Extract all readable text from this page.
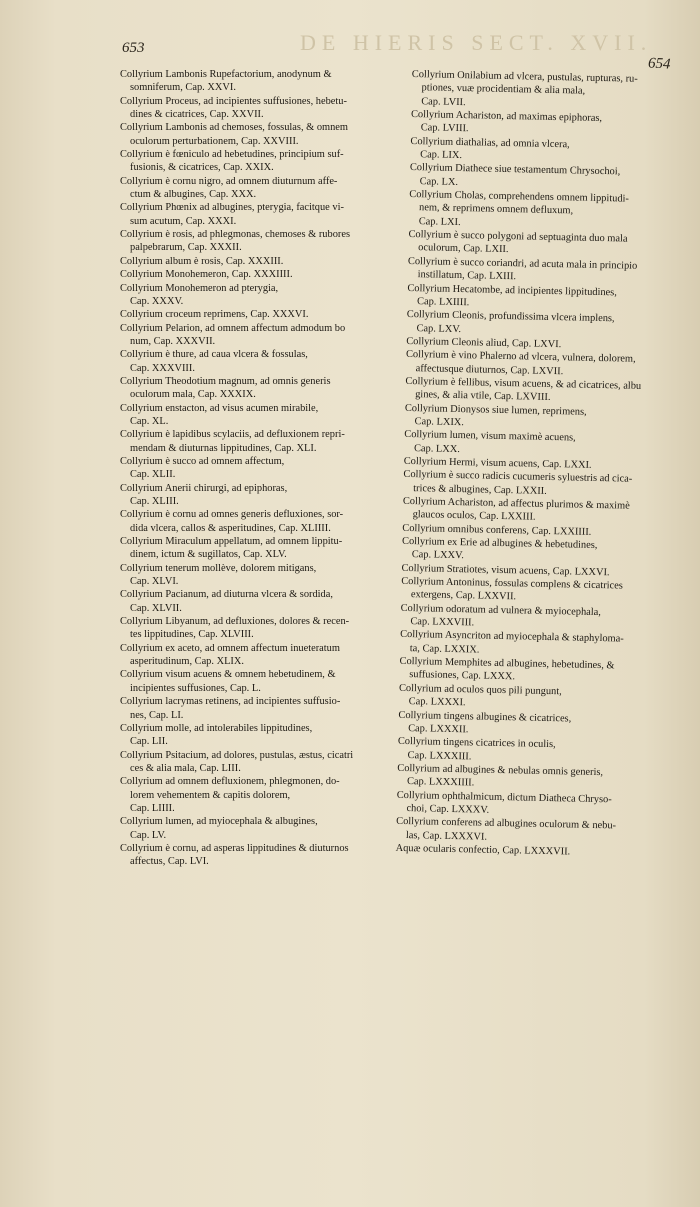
DE HIERIS SECT. XVII.
653
654
Collyrium Lambonis Rupefactorium, anodynum &
somniferum, Cap. XXVI.
Collyrium Proceus, ad incipientes suffusiones, hebetu-
dines & cicatrices, Cap. XXVII.
Collyrium Lambonis ad chemoses, fossulas, & omnem
oculorum perturbationem, Cap. XXVIII.
Collyrium è fœniculo ad hebetudines, principium suf-
fusionis, & cicatrices, Cap. XXIX.
Collyrium è cornu nigro, ad omnem diuturnum affe-
ctum & albugines, Cap. XXX.
Collyrium Phœnix ad albugines, pterygia, facitque vi-
sum acutum, Cap. XXXI.
Collyrium è rosis, ad phlegmonas, chemoses & rubores
palpebrarum, Cap. XXXII.
Collyrium album è rosis, Cap. XXXIII.
Collyrium Monohemeron, Cap. XXXIIII.
Collyrium Monohemeron ad pterygia,
Cap. XXXV.
Collyrium croceum reprimens, Cap. XXXVI.
Collyrium Pelarion, ad omnem affectum admodum bo
num, Cap. XXXVII.
Collyrium è thure, ad caua vlcera & fossulas,
Cap. XXXVIII.
Collyrium Theodotium magnum, ad omnis generis
oculorum mala, Cap. XXXIX.
Collyrium enstacton, ad visus acumen mirabile,
Cap. XL.
Collyrium è lapidibus scylaciis, ad defluxionem repri-
mendam & diuturnas lippitudines, Cap. XLI.
Collyrium è succo ad omnem affectum,
Cap. XLII.
Collyrium Anerii chirurgi, ad epiphoras,
Cap. XLIII.
Collyrium è cornu ad omnes generis defluxiones, sor-
dida vlcera, callos & asperitudines, Cap. XLIIII.
Collyrium Miraculum appellatum, ad omnem lippitu-
dinem, ictum & sugillatos, Cap. XLV.
Collyrium tenerum mollève, dolorem mitigans,
Cap. XLVI.
Collyrium Pacianum, ad diuturna vlcera & sordida,
Cap. XLVII.
Collyrium Libyanum, ad defluxiones, dolores & recen-
tes lippitudines, Cap. XLVIII.
Collyrium ex aceto, ad omnem affectum inueteratum
asperitudinum, Cap. XLIX.
Collyrium visum acuens & omnem hebetudinem, &
incipientes suffusiones, Cap. L.
Collyrium lacrymas retinens, ad incipientes suffusio-
nes, Cap. LI.
Collyrium molle, ad intolerabiles lippitudines,
Cap. LII.
Collyrium Psitacium, ad dolores, pustulas, æstus, cicatri
ces & alia mala, Cap. LIII.
Collyrium ad omnem defluxionem, phlegmonen, do-
lorem vehementem & capitis dolorem,
Cap. LIIII.
Collyrium lumen, ad myiocephala & albugines,
Cap. LV.
Collyrium è cornu, ad asperas lippitudines & diuturnos
affectus, Cap. LVI.
Collyrium Onilabium ad vlcera, pustulas, rupturas, ru-
ptiones, vuæ procidentiam & alia mala,
Cap. LVII.
Collyrium Achariston, ad maximas epiphoras,
Cap. LVIII.
Collyrium diathalias, ad omnia vlcera,
Cap. LIX.
Collyrium Diathece siue testamentum Chrysochoi,
Cap. LX.
Collyrium Cholas, comprehendens omnem lippitudi-
nem, & reprimens omnem defluxum,
Cap. LXI.
Collyrium è succo polygoni ad septuaginta duo mala
oculorum, Cap. LXII.
Collyrium è succo coriandri, ad acuta mala in principio
instillatum, Cap. LXIII.
Collyrium Hecatombe, ad incipientes lippitudines,
Cap. LXIIII.
Collyrium Cleonis, profundissima vlcera implens,
Cap. LXV.
Collyrium Cleonis aliud, Cap. LXVI.
Collyrium è vino Phalerno ad vlcera, vulnera, dolorem,
affectusque diuturnos, Cap. LXVII.
Collyrium è fellibus, visum acuens, & ad cicatrices, albu
gines, & alia vtile, Cap. LXVIII.
Collyrium Dionysos siue lumen, reprimens,
Cap. LXIX.
Collyrium lumen, visum maximè acuens,
Cap. LXX.
Collyrium Hermi, visum acuens, Cap. LXXI.
Collyrium è succo radicis cucumeris syluestris ad cica-
trices & albugines, Cap. LXXII.
Collyrium Achariston, ad affectus plurimos & maximè
glaucos oculos, Cap. LXXIII.
Collyrium omnibus conferens, Cap. LXXIIII.
Collyrium ex Erie ad albugines & hebetudines,
Cap. LXXV.
Collyrium Stratiotes, visum acuens, Cap. LXXVI.
Collyrium Antoninus, fossulas complens & cicatrices
extergens, Cap. LXXVII.
Collyrium odoratum ad vulnera & myiocephala,
Cap. LXXVIII.
Collyrium Asyncriton ad myiocephala & staphyloma-
ta, Cap. LXXIX.
Collyrium Memphites ad albugines, hebetudines, &
suffusiones, Cap. LXXX.
Collyrium ad oculos quos pili pungunt,
Cap. LXXXI.
Collyrium tingens albugines & cicatrices,
Cap. LXXXII.
Collyrium tingens cicatrices in oculis,
Cap. LXXXIII.
Collyrium ad albugines & nebulas omnis generis,
Cap. LXXXIIII.
Collyrium ophthalmicum, dictum Diatheca Chryso-
choi, Cap. LXXXV.
Collyrium conferens ad albugines oculorum & nebu-
las, Cap. LXXXVI.
Aquæ ocularis confectio, Cap. LXXXVII.
